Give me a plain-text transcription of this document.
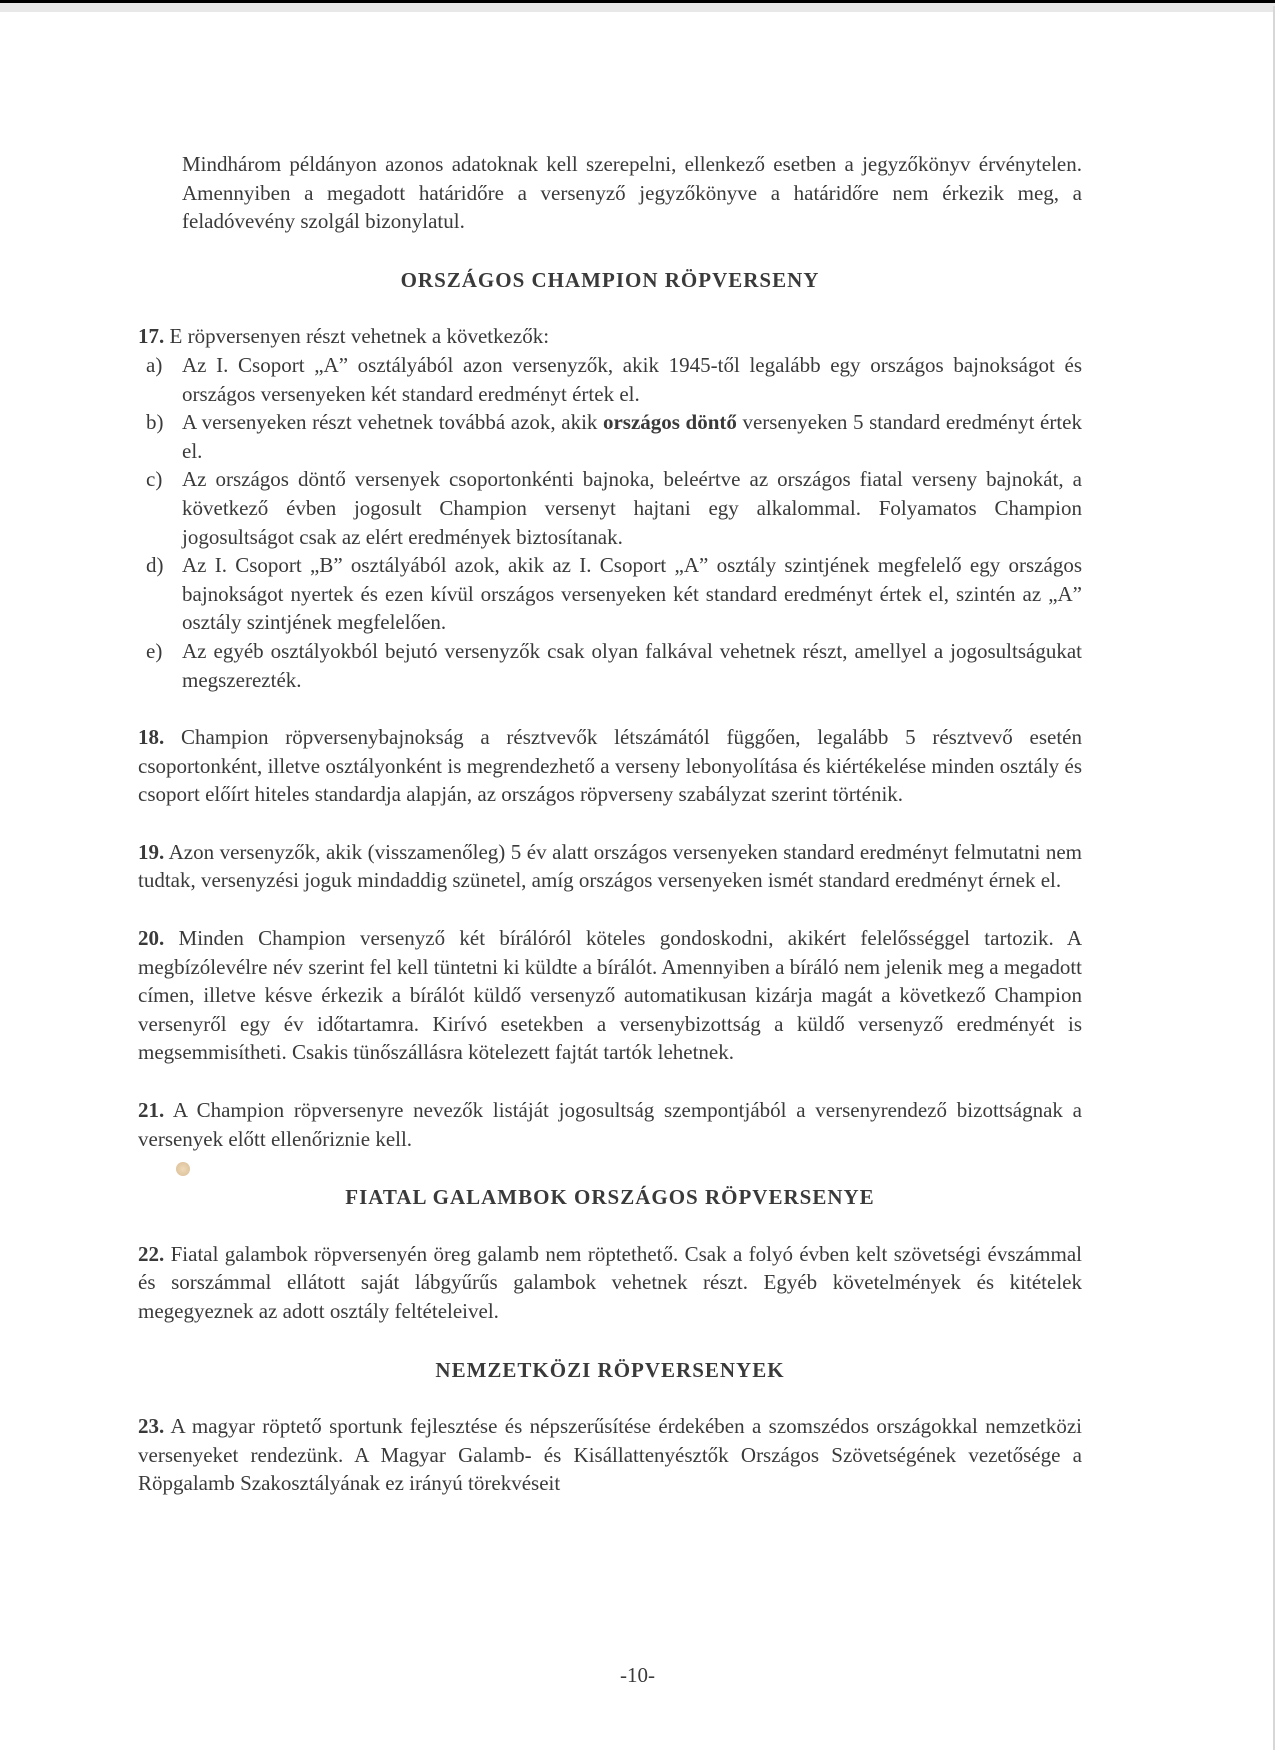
Mindhárom példányon azonos adatoknak kell szerepelni, ellenkező esetben a jegyzőkönyv érvénytelen. Amennyiben a megadott határidőre a versenyző jegyzőkönyve a határidőre nem érkezik meg, a feladóvevény szolgál bizonylatul.

ORSZÁGOS CHAMPION RÖPVERSENY

17. E röpversenyen részt vehetnek a következők:

a) Az I. Csoport „A” osztályából azon versenyzők, akik 1945-től legalább egy országos bajnokságot és országos versenyeken két standard eredményt értek el.

b) A versenyeken részt vehetnek továbbá azok, akik országos döntő versenyeken 5 standard eredményt értek el.

c) Az országos döntő versenyek csoportonkénti bajnoka, beleértve az országos fiatal verseny bajnokát, a következő évben jogosult Champion versenyt hajtani egy alkalommal. Folyamatos Champion jogosultságot csak az elért eredmények biztosítanak.

d) Az I. Csoport „B” osztályából azok, akik az I. Csoport „A” osztály szintjének megfelelő egy országos bajnokságot nyertek és ezen kívül országos versenyeken két standard eredményt értek el, szintén az „A” osztály szintjének megfelelően.

e) Az egyéb osztályokból bejutó versenyzők csak olyan falkával vehetnek részt, amellyel a jogosultságukat megszerezték.

18. Champion röpversenybajnokság a résztvevők létszámától függően, legalább 5 résztvevő esetén csoportonként, illetve osztályonként is megrendezhető a verseny lebonyolítása és kiértékelése minden osztály és csoport előírt hiteles standardja alapján, az országos röpverseny szabályzat szerint történik.

19. Azon versenyzők, akik (visszamenőleg) 5 év alatt országos versenyeken standard eredményt felmutatni nem tudtak, versenyzési joguk mindaddig szünetel, amíg országos versenyeken ismét standard eredményt érnek el.

20. Minden Champion versenyző két bírálóról köteles gondoskodni, akikért felelősséggel tartozik. A megbízólevélre név szerint fel kell tüntetni ki küldte a bírálót. Amennyiben a bíráló nem jelenik meg a megadott címen, illetve késve érkezik a bírálót küldő versenyző automatikusan kizárja magát a következő Champion versenyről egy év időtartamra. Kirívó esetekben a versenybizottság a küldő versenyző eredményét is megsemmisítheti. Csakis tünőszállásra kötelezett fajtát tartók lehetnek.

21. A Champion röpversenyre nevezők listáját jogosultság szempontjából a versenyrendező bizottságnak a versenyek előtt ellenőriznie kell.

FIATAL GALAMBOK ORSZÁGOS RÖPVERSENYE

22. Fiatal galambok röpversenyén öreg galamb nem röptethető. Csak a folyó évben kelt szövetségi évszámmal és sorszámmal ellátott saját lábgyűrűs galambok vehetnek részt. Egyéb követelmények és kitételek megegyeznek az adott osztály feltételeivel.

NEMZETKÖZI RÖPVERSENYEK

23. A magyar röptető sportunk fejlesztése és népszerűsítése érdekében a szomszédos országokkal nemzetközi versenyeket rendezünk. A Magyar Galamb- és Kisállattenyésztők Országos Szövetségének vezetősége a Röpgalamb Szakosztályának ez irányú törekvéseit

-10-
